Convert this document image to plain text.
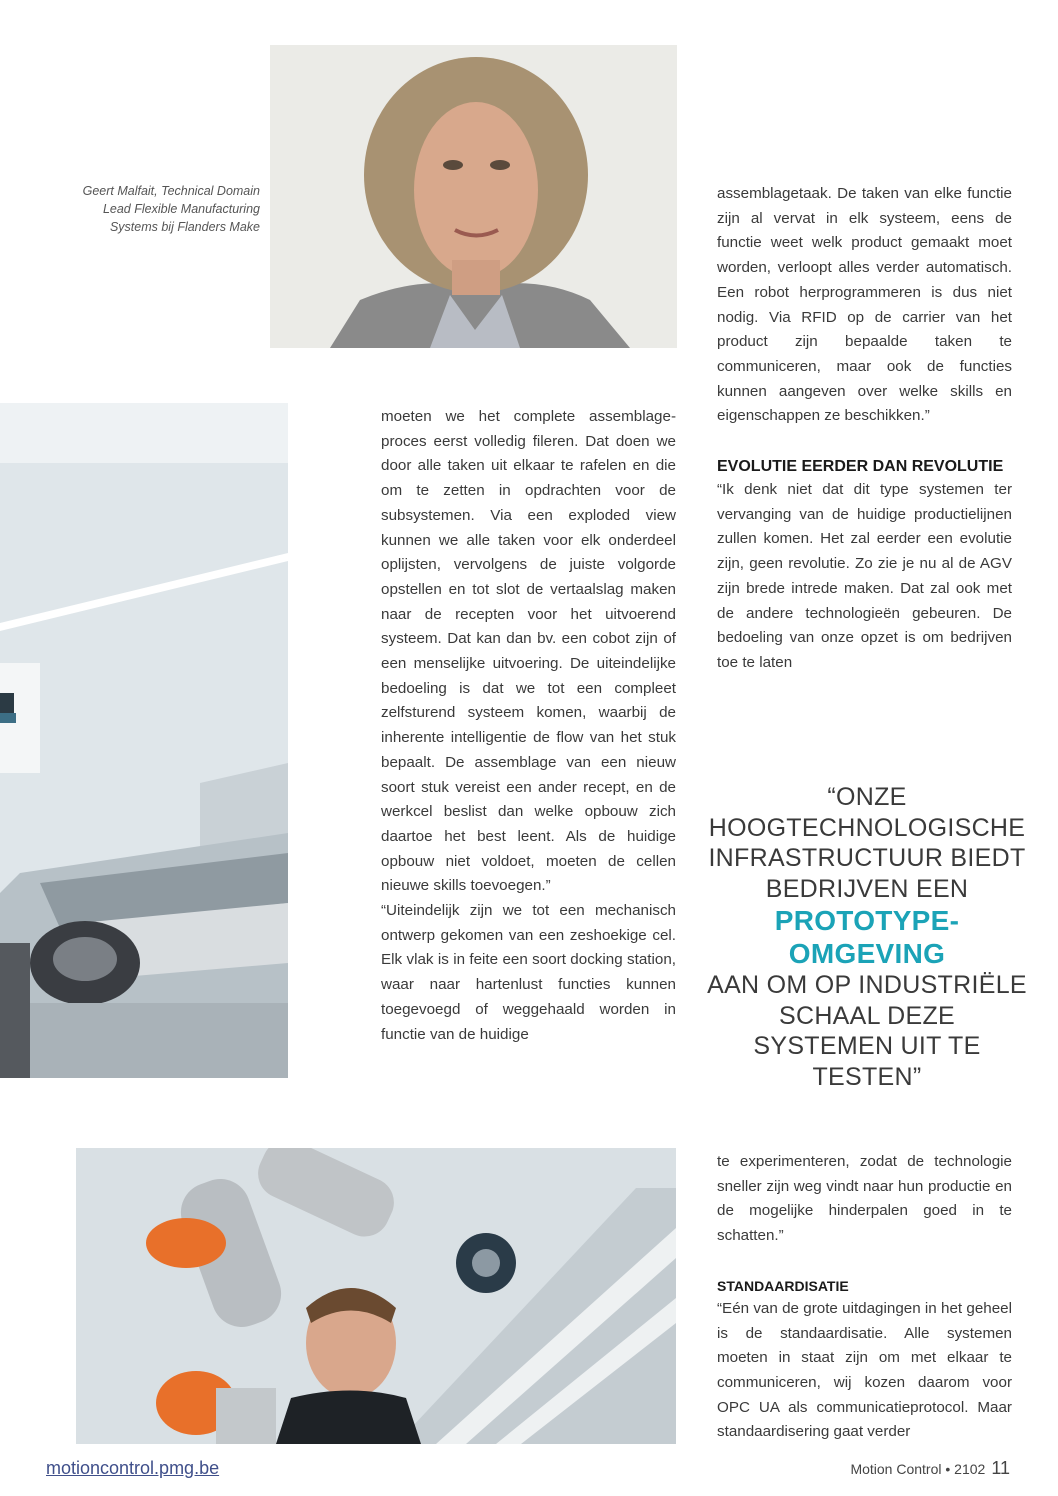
Geert Malfait, Technical Domain
Lead Flexible Manufacturing
Systems bij Flanders Make

moeten we het complete assemblageproces eerst volledig fileren. Dat doen we door alle taken uit elkaar te rafelen en die om te zetten in opdrachten voor de subsystemen. Via een exploded view kunnen we alle taken voor elk onderdeel oplijsten, vervolgens de juiste volgorde opstellen en tot slot de vertaalslag maken naar de recepten voor het uitvoerend systeem. Dat kan dan bv. een cobot zijn of een menselijke uitvoering. De uiteindelijke bedoeling is dat we tot een compleet zelfsturend systeem komen, waarbij de inherente intelligentie de flow van het stuk bepaalt. De assemblage van een nieuw soort stuk vereist een ander recept, en de werkcel beslist dan welke opbouw zich daartoe het best leent. Als de huidige opbouw niet voldoet, moeten de cellen nieuwe skills toevoegen.”

“Uiteindelijk zijn we tot een mechanisch ontwerp gekomen van een zeshoekige cel. Elk vlak is in feite een soort docking station, waar naar hartenlust functies kunnen toegevoegd of weggehaald worden in functie van de huidige

assemblagetaak. De taken van elke functie zijn al vervat in elk systeem, eens de functie weet welk product gemaakt moet worden, verloopt alles verder automatisch. Een robot herprogrammeren is dus niet nodig. Via RFID op de carrier van het product zijn bepaalde taken te communiceren, maar ook de functies kunnen aangeven over welke skills en eigenschappen ze beschikken.”

EVOLUTIE EERDER DAN REVOLUTIE

“Ik denk niet dat dit type systemen ter vervanging van de huidige productielijnen zullen komen. Het zal eerder een evolutie zijn, geen revolutie. Zo zie je nu al de AGV zijn brede intrede maken. Dat zal ook met de andere technologieën gebeuren. De bedoeling van onze opzet is om bedrijven toe te laten

“ONZE HOOGTECHNOLOGISCHE INFRASTRUCTUUR BIEDT BEDRIJVEN EEN
PROTOTYPE-OMGEVING
AAN OM OP INDUSTRIËLE SCHAAL DEZE SYSTEMEN UIT TE TESTEN”

te experimenteren, zodat de technologie sneller zijn weg vindt naar hun productie en de mogelijke hinderpalen goed in te schatten.”

STANDAARDISATIE

“Eén van de grote uitdagingen in het geheel is de standaardisatie. Alle systemen moeten in staat zijn om met elkaar te communiceren, wij kozen daarom voor OPC UA als communicatieprotocol. Maar standaardisering gaat verder

motioncontrol.pmg.be	Motion Control • 2102 11
